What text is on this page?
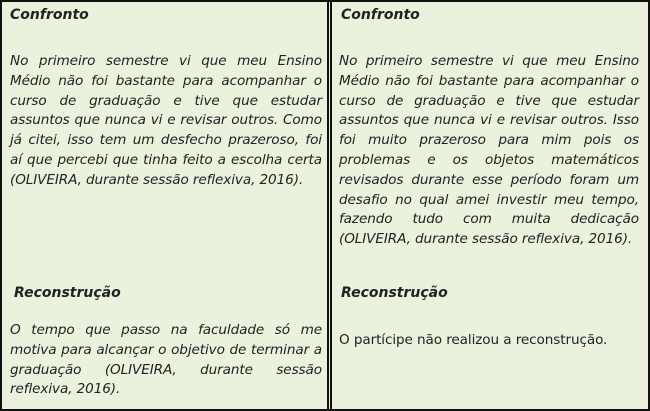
Confronto

No primeiro semestre vi que meu Ensino Médio não foi bastante para acompanhar o curso de graduação e tive que estudar assuntos que nunca vi e revisar outros. Como já citei, isso tem um desfecho prazeroso, foi aí que percebi que tinha feito a escolha certa (OLIVEIRA, durante sessão reflexiva, 2016).

Reconstrução

O tempo que passo na faculdade só me motiva para alcançar o objetivo de terminar a graduação (OLIVEIRA, durante sessão reflexiva, 2016).

Confronto

No primeiro semestre vi que meu Ensino Médio não foi bastante para acompanhar o curso de graduação e tive que estudar assuntos que nunca vi e revisar outros. Isso foi muito prazeroso para mim pois os problemas e os objetos matemáticos revisados durante esse período foram um desafio no qual amei investir meu tempo, fazendo tudo com muita dedicação (OLIVEIRA, durante sessão reflexiva, 2016).

Reconstrução

O partícipe não realizou a reconstrução.
